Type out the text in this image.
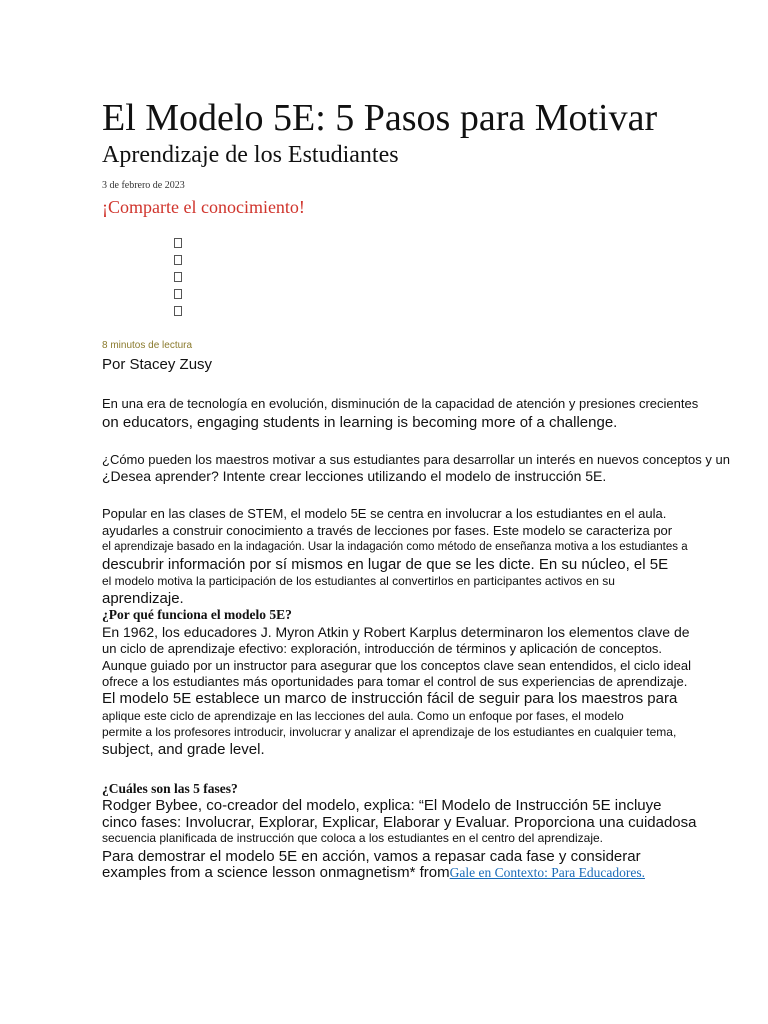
El Modelo 5E: 5 Pasos para Motivar
Aprendizaje de los Estudiantes
3 de febrero de 2023
¡Comparte el conocimiento!
8 minutos de lectura
Por Stacey Zusy

En una era de tecnología en evolución, disminución de la capacidad de atención y presiones crecientes

on educators, engaging students in learning is becoming more of a challenge.

¿Cómo pueden los maestros motivar a sus estudiantes para desarrollar un interés en nuevos conceptos y un

¿Desea aprender? Intente crear lecciones utilizando el modelo de instrucción 5E.

Popular en las clases de STEM, el modelo 5E se centra en involucrar a los estudiantes en el aula.

ayudarles a construir conocimiento a través de lecciones por fases. Este modelo se caracteriza por

el aprendizaje basado en la indagación. Usar la indagación como método de enseñanza motiva a los estudiantes a

descubrir información por sí mismos en lugar de que se les dicte. En su núcleo, el 5E

el modelo motiva la participación de los estudiantes al convertirlos en participantes activos en su

aprendizaje.

¿Por qué funciona el modelo 5E?

En 1962, los educadores J. Myron Atkin y Robert Karplus determinaron los elementos clave de

un ciclo de aprendizaje efectivo: exploración, introducción de términos y aplicación de conceptos.

Aunque guiado por un instructor para asegurar que los conceptos clave sean entendidos, el ciclo ideal

ofrece a los estudiantes más oportunidades para tomar el control de sus experiencias de aprendizaje.

El modelo 5E establece un marco de instrucción fácil de seguir para los maestros para

aplique este ciclo de aprendizaje en las lecciones del aula. Como un enfoque por fases, el modelo

permite a los profesores introducir, involucrar y analizar el aprendizaje de los estudiantes en cualquier tema,

subject, and grade level.

¿Cuáles son las 5 fases?

Rodger Bybee, co-creador del modelo, explica: “El Modelo de Instrucción 5E incluye

cinco fases: Involucrar, Explorar, Explicar, Elaborar y Evaluar. Proporciona una cuidadosa

secuencia planificada de instrucción que coloca a los estudiantes en el centro del aprendizaje.

Para demostrar el modelo 5E en acción, vamos a repasar cada fase y considerar

examples from a science lesson onmagnetism* fromGale en Contexto: Para Educadores.
